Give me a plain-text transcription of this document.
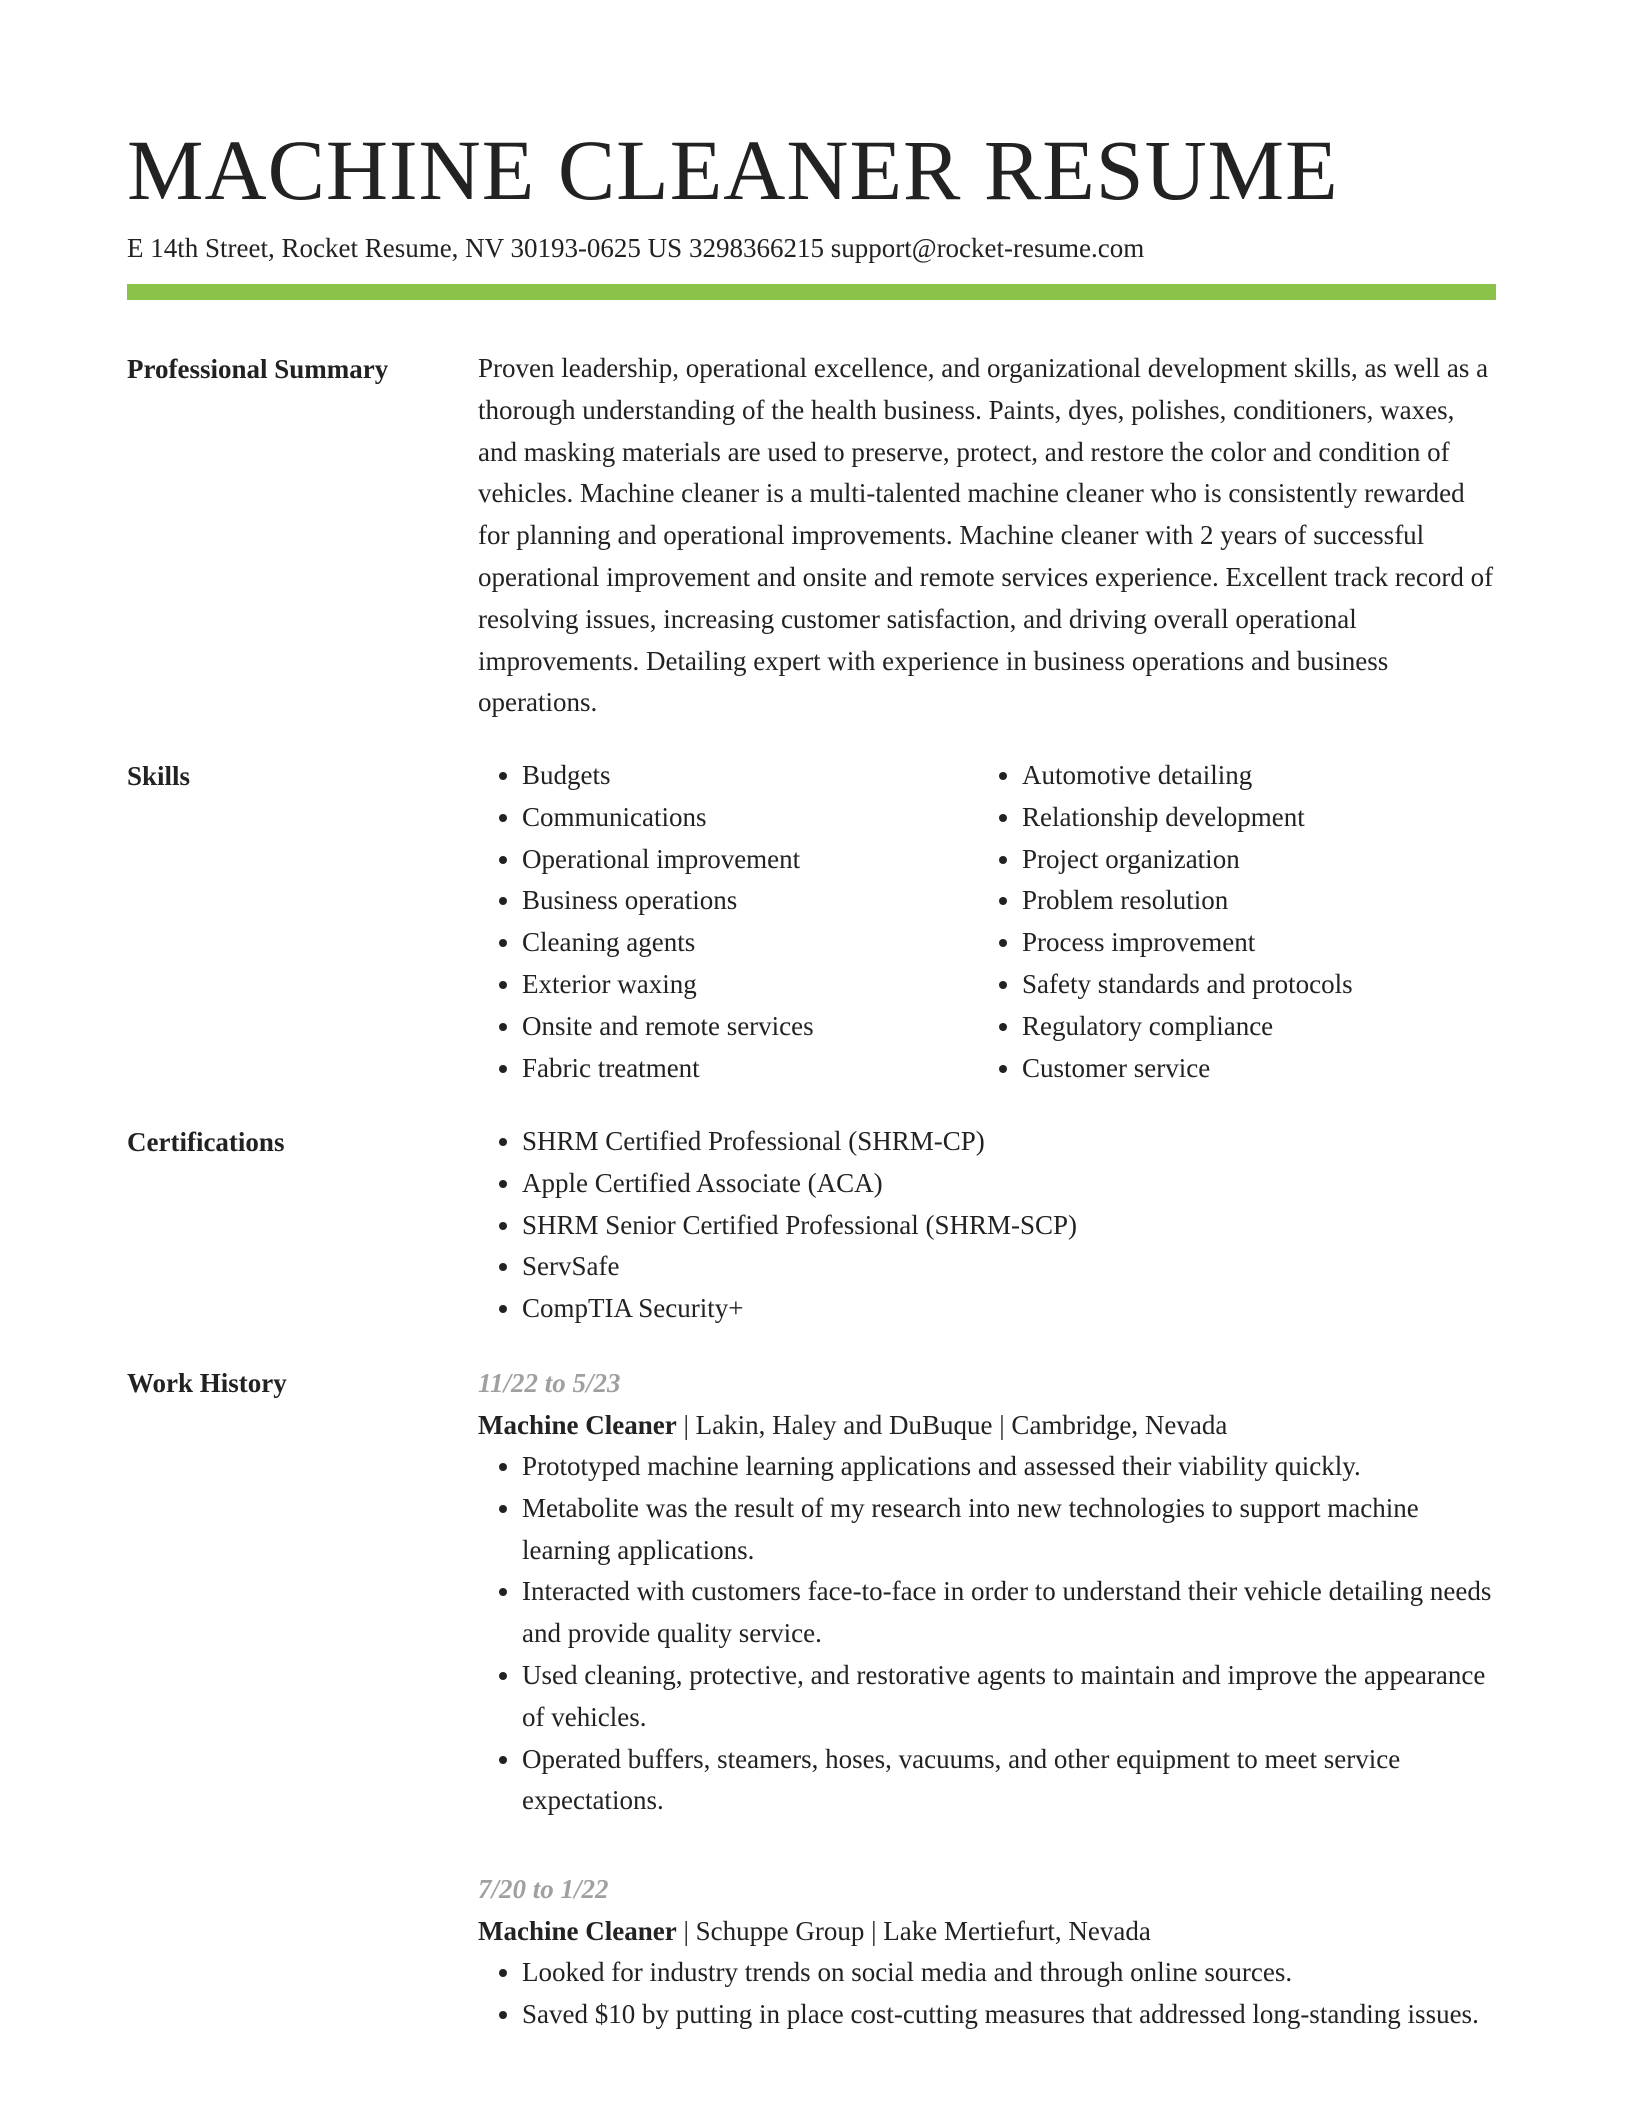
MACHINE CLEANER RESUME
E 14th Street, Rocket Resume, NV 30193-0625 US 3298366215 support@rocket-resume.com
Professional Summary	Proven leadership, operational excellence, and organizational development skills, as well as a thorough understanding of the health business. Paints, dyes, polishes, conditioners, waxes, and masking materials are used to preserve, protect, and restore the color and condition of vehicles. Machine cleaner is a multi-talented machine cleaner who is consistently rewarded for planning and operational improvements. Machine cleaner with 2 years of successful operational improvement and onsite and remote services experience. Excellent track record of resolving issues, increasing customer satisfaction, and driving overall operational improvements. Detailing expert with experience in business operations and business operations.

Skills	• Budgets
• Communications
• Operational improvement
• Business operations
• Cleaning agents
• Exterior waxing
• Onsite and remote services
• Fabric treatment
• Automotive detailing
• Relationship development
• Project organization
• Problem resolution
• Process improvement
• Safety standards and protocols
• Regulatory compliance
• Customer service
Certifications	• SHRM Certified Professional (SHRM-CP)
• Apple Certified Associate (ACA)
• SHRM Senior Certified Professional (SHRM-SCP)
• ServSafe
• CompTIA Security+
Work History	11/22 to 5/23
Machine Cleaner | Lakin, Haley and DuBuque | Cambridge, Nevada
• Prototyped machine learning applications and assessed their viability quickly.
• Metabolite was the result of my research into new technologies to support machine learning applications.
• Interacted with customers face-to-face in order to understand their vehicle detailing needs and provide quality service.
• Used cleaning, protective, and restorative agents to maintain and improve the appearance of vehicles.
• Operated buffers, steamers, hoses, vacuums, and other equipment to meet service expectations.
7/20 to 1/22
Machine Cleaner | Schuppe Group | Lake Mertiefurt, Nevada
• Looked for industry trends on social media and through online sources.
• Saved $10 by putting in place cost-cutting measures that addressed long-standing issues.
